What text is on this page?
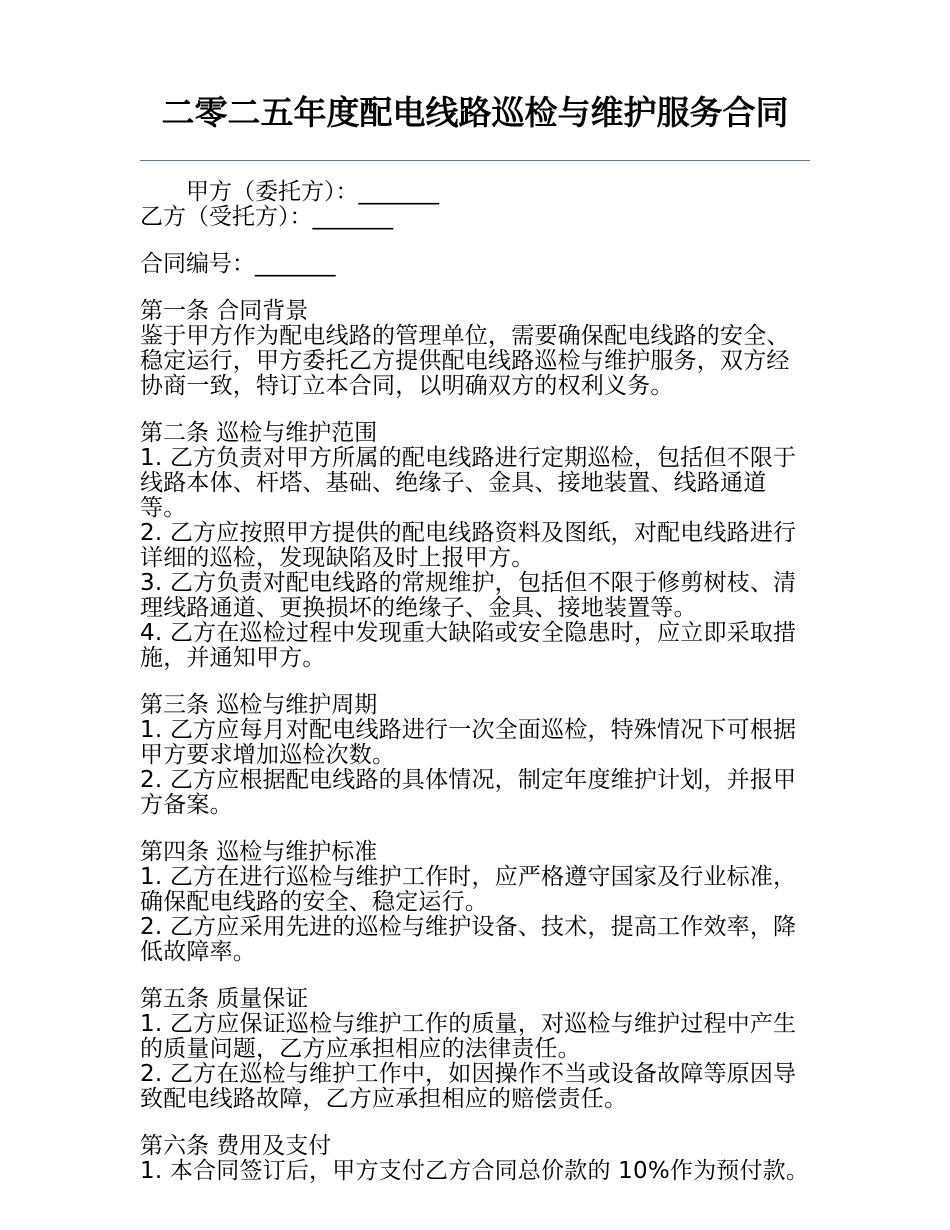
二零二五年度配电线路巡检与维护服务合同

甲方（委托方）：_______

乙方（受托方）：_______

合同编号：_______

第一条 合同背景

鉴于甲方作为配电线路的管理单位，需要确保配电线路的安全、稳定运行，甲方委托乙方提供配电线路巡检与维护服务，双方经协商一致，特订立本合同，以明确双方的权利义务。

第二条 巡检与维护范围

1. 乙方负责对甲方所属的配电线路进行定期巡检，包括但不限于线路本体、杆塔、基础、绝缘子、金具、接地装置、线路通道等。

2. 乙方应按照甲方提供的配电线路资料及图纸，对配电线路进行详细的巡检，发现缺陷及时上报甲方。

3. 乙方负责对配电线路的常规维护，包括但不限于修剪树枝、清理线路通道、更换损坏的绝缘子、金具、接地装置等。

4. 乙方在巡检过程中发现重大缺陷或安全隐患时，应立即采取措施，并通知甲方。

第三条 巡检与维护周期

1. 乙方应每月对配电线路进行一次全面巡检，特殊情况下可根据甲方要求增加巡检次数。

2. 乙方应根据配电线路的具体情况，制定年度维护计划，并报甲方备案。

第四条 巡检与维护标准

1. 乙方在进行巡检与维护工作时，应严格遵守国家及行业标准，确保配电线路的安全、稳定运行。

2. 乙方应采用先进的巡检与维护设备、技术，提高工作效率，降低故障率。

第五条 质量保证

1. 乙方应保证巡检与维护工作的质量，对巡检与维护过程中产生的质量问题，乙方应承担相应的法律责任。

2. 乙方在巡检与维护工作中，如因操作不当或设备故障等原因导致配电线路故障，乙方应承担相应的赔偿责任。

第六条 费用及支付

1. 本合同签订后，甲方支付乙方合同总价款的 10%作为预付款。
